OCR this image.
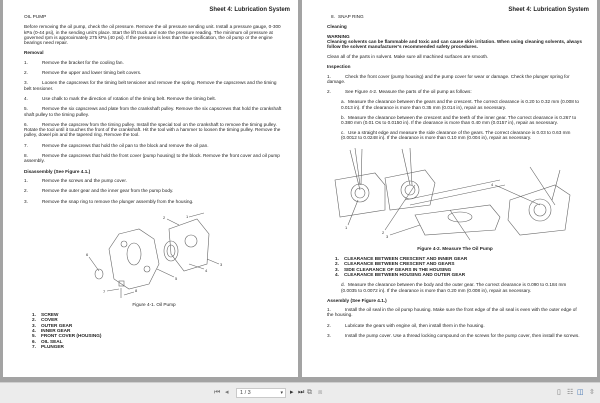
Sheet 4: Lubrication System
OIL PUMP

Before removing the oil pump, check the oil pressure. Remove the oil pressure sending unit. Install a pressure gauge, 0-300 kPa (0-44 psi), in the sending unit's place. Start the lift truck and note the pressure reading. The minimum oil pressure at governed rpm is approximately 275 kPa (40 psi). If the pressure is less than the specification, the oil pump or the engine bearings need repair.

Removal
1.	Remove the bracket for the cooling fan.
2.	Remove the upper and lower timing belt covers.
3.	Loosen the capscrews for the timing belt tensioner and remove the spring. Remove the capscrews and the timing belt tensioner.
4.	Use chalk to mark the direction of rotation of the timing belt. Remove the timing belt.
5.	Remove the six capscrews and plate from the crankshaft pulley. Remove the six capscrews that hold the crankshaft shaft pulley to the timing pulley.
6.	Remove the capscrew from the timing pulley. Install the special tool on the crankshaft to remove the timing pulley. Rotate the tool until it touches the front of the crankshaft. Hit the tool with a hammer to loosen the timing pulley. Remove the pulley, dowel pin and the tapered ring. Remove the tool.
7.	Remove the capscrews that hold the oil pan to the block and remove the oil pan.
8.	Remove the capscrews that hold the front cover (pump housing) to the block. Remove the front cover and oil pump assembly.
Disassembly (See Figure 4.1.)
1.	Remove the screws and the pump cover.
2.	Remove the outer gear and the inner gear from the pump body.
3.	Remove the snap ring to remove the plunger assembly from the housing.
1
2
3
4
5
6
7	8
Figure 4-1. Oil Pump
1. SCREW
2. COVER
3. OUTER GEAR
4. INNER GEAR
5. FRONT COVER (HOUSING)
6. OIL SEAL
7. PLUNGER
Sheet 4: Lubrication System
8. SNAP RING
Cleaning
WARNING

Cleaning solvents can be flammable and toxic and can cause skin irritation. When using cleaning solvents, always follow the solvent manufacturer's recommended safety procedures.

Clean all of the parts in solvent. Make sure all machined surfaces are smooth.

Inspection
1.	Check the front cover (pump housing) and the pump cover for wear or damage. Check the plunger spring for damage.
2.	See Figure 4-2. Measure the parts of the oil pump as follows:
a. Measure the clearance between the gears and the crescent. The correct clearance is 0.20 to 0.32 mm (0.008 to 0.013 in). If the clearance is more than 0.35 mm (0.014 in), repair as necessary.
b. Measure the clearance between the crescent and the teeth of the inner gear. The correct clearance is 0.267 to 0.380 mm (0.01 Os to 0.0150 in). If the clearance is more than 0.40 mm (0.0157 in), repair as necessary.
c. Use a straight edge and measure the side clearance of the gears. The correct clearance is 0.03 to 0.63 mm (0.0012 to 0.0248 in). If the clearance is more than 0.10 mm (0.004 in), repair as necessary.
1
2
3
4
Figure 4-2. Measure The Oil Pump
1. CLEARANCE BETWEEN CRESCENT AND INNER GEAR
2. CLEARANCE BETWEEN CRESCENT AND GEARS
3. SIDE CLEARANCE OF GEARS IN THE HOUSING
4. CLEARANCE BETWEEN HOUSING AND OUTER GEAR
d. Measure the clearance between the body and the outer gear. The correct clearance is 0.090 to 0.184 mm (0.0035 to 0.0072 in). If the clearance is more than 0.20 mm (0.008 in), repair as necessary.
Assembly (See Figure 4.1.)
1.	Install the oil seal in the oil pump housing. Make sure the front edge of the oil seal is even with the outer edge of the housing.
2.	Lubricate the gears with engine oil, then install them in the housing.
3.	Install the pump cover. Use a thread locking compound on the screws for the pump cover, then install the screws.
⏮ ◂	1 / 3	▾ ▸ ⏭ ⧉ ⧈	▯ ☷ ◫ ⇳
